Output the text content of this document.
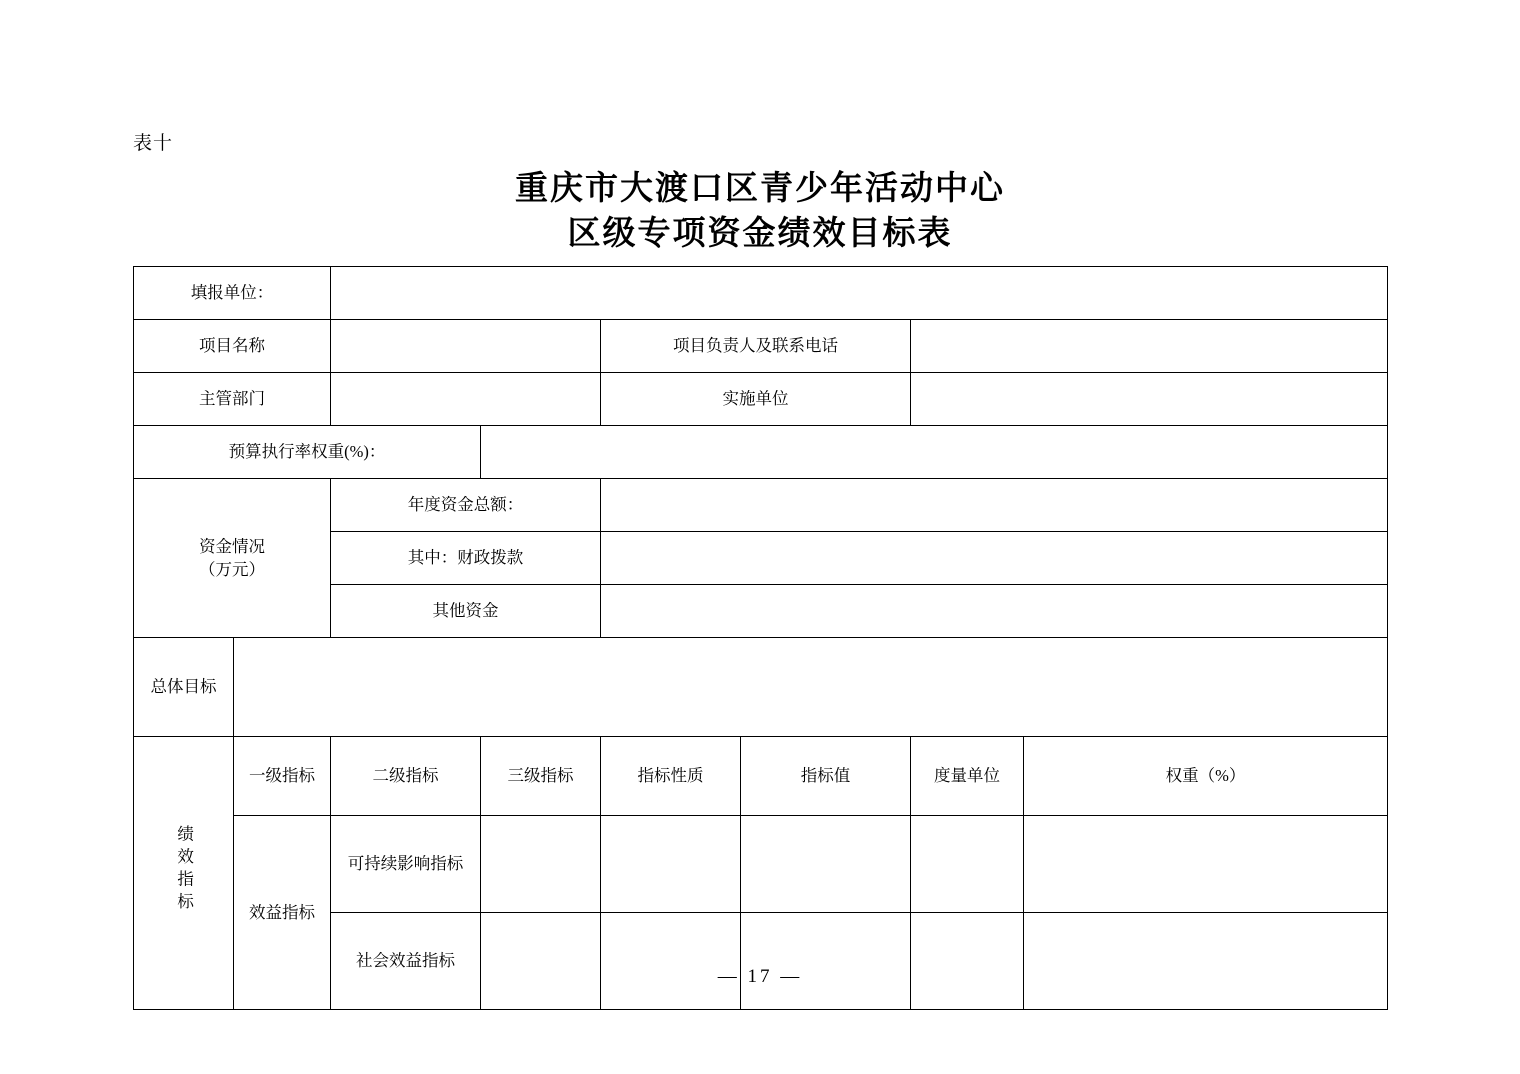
表十
重庆市大渡口区青少年活动中心
区级专项资金绩效目标表
填报单位：							
项目名称				项目负责人及联系电话			
主管部门				实施单位			
预算执行率权重(%)：							

资金情况
（万元）		年度资金总额：					
		其中：财政拨款					
		其他资金					
总体目标							
绩效指标	一级指标	二级指标	三级指标	指标性质	指标值	度量单位	权重（%）
	效益指标	可持续影响指标					
		社会效益指标					
— 17 —
